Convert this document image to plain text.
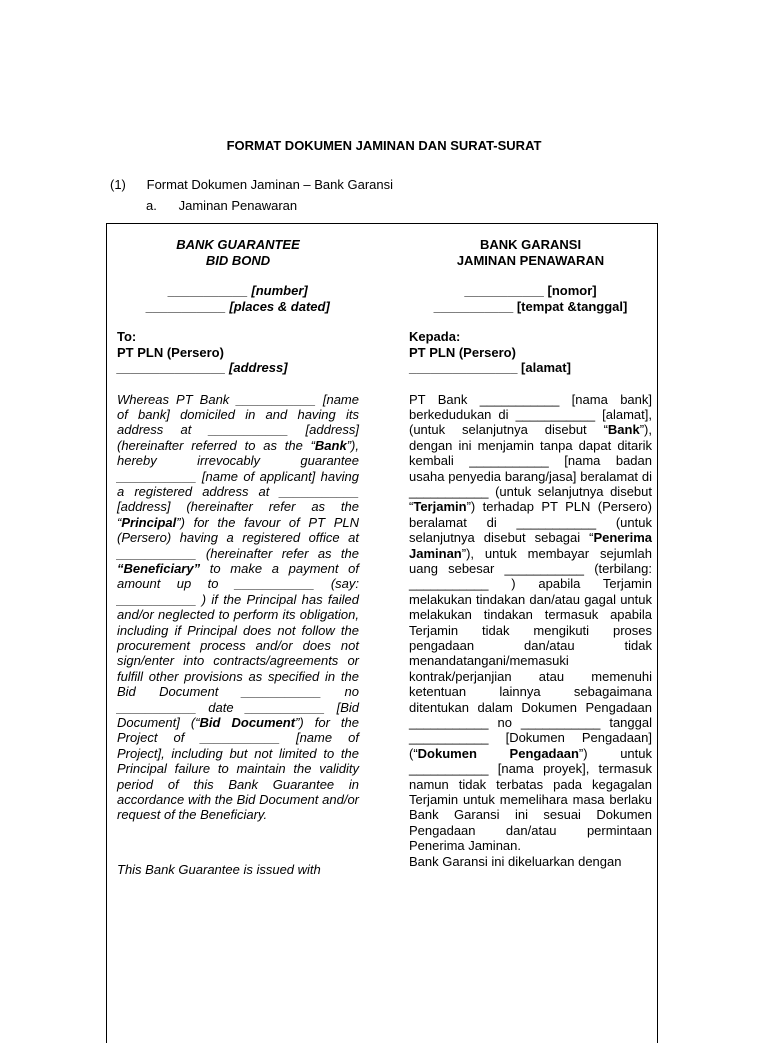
FORMAT DOKUMEN JAMINAN DAN SURAT-SURAT
(1) Format Dokumen Jaminan – Bank Garansi
a. Jaminan Penawaran
BANK GUARANTEE
BID BOND
___________ [number]
___________ [places & dated]
To:
PT PLN (Persero)
_______________ [address]
Whereas PT Bank ___________ [name of bank] domiciled in and having its address at ___________ [address] (hereinafter referred to as the “Bank”), hereby irrevocably guarantee ___________ [name of applicant] having a registered address at ___________ [address] (hereinafter refer as the “Principal”) for the favour of PT PLN (Persero) having a registered office at ___________ (hereinafter refer as the “Beneficiary” to make a payment of amount up to ___________ (say: ___________ ) if the Principal has failed and/or neglected to perform its obligation, including if Principal does not follow the procurement process and/or does not sign/enter into contracts/agreements or fulfill other provisions as specified in the Bid Document ___________ no ___________ date ___________ [Bid Document] (“Bid Document”) for the Project of ___________ [name of Project], including but not limited to the Principal failure to maintain the validity period of this Bank Guarantee in accordance with the Bid Document and/or request of the Beneficiary.
This Bank Guarantee is issued with
BANK GARANSI
JAMINAN PENAWARAN
___________ [nomor]
___________ [tempat &tanggal]
Kepada:
PT PLN (Persero)
_______________ [alamat]
PT Bank ___________ [nama bank] berkedudukan di ___________ [alamat], (untuk selanjutnya disebut “Bank”), dengan ini menjamin tanpa dapat ditarik kembali ___________ [nama badan usaha penyedia barang/jasa] beralamat di ___________ (untuk selanjutnya disebut “Terjamin”) terhadap PT PLN (Persero) beralamat di ___________ (untuk selanjutnya disebut sebagai “Penerima Jaminan”), untuk membayar sejumlah uang sebesar ___________ (terbilang: ___________ ) apabila Terjamin melakukan tindakan dan/atau gagal untuk melakukan tindakan termasuk apabila Terjamin tidak mengikuti proses pengadaan dan/atau tidak menandatangani/memasuki kontrak/perjanjian atau memenuhi ketentuan lainnya sebagaimana ditentukan dalam Dokumen Pengadaan ___________ no ___________ tanggal ___________ [Dokumen Pengadaan] (“Dokumen Pengadaan”) untuk ___________ [nama proyek], termasuk namun tidak terbatas pada kegagalan Terjamin untuk memelihara masa berlaku Bank Garansi ini sesuai Dokumen Pengadaan dan/atau permintaan Penerima Jaminan.
Bank Garansi ini dikeluarkan dengan
